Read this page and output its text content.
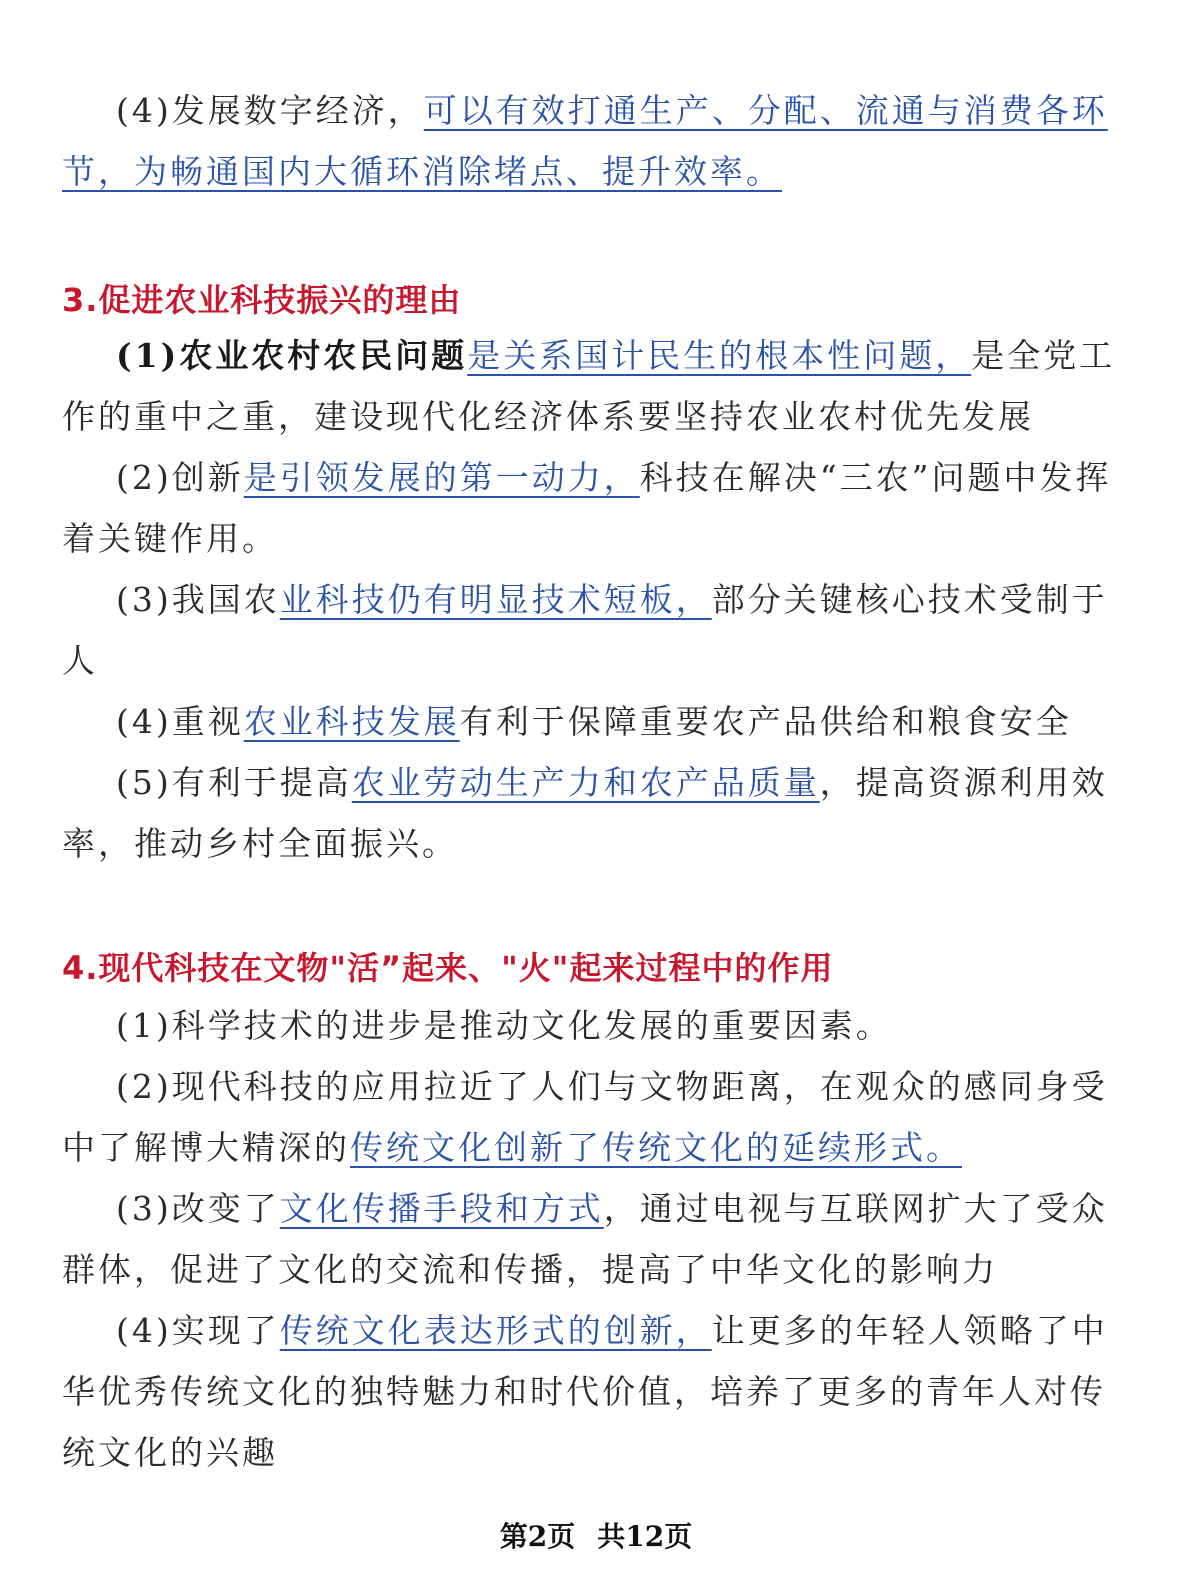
(4)发展数字经济，可以有效打通生产、分配、流通与消费各环节，为畅通国内大循环消除堵点、提升效率。

3.促进农业科技振兴的理由

(1)农业农村农民问题是关系国计民生的根本性问题，是全党工作的重中之重，建设现代化经济体系要坚持农业农村优先发展

(2)创新是引领发展的第一动力，科技在解决“三农”问题中发挥着关键作用。

(3)我国农业科技仍有明显技术短板，部分关键核心技术受制于人

(4)重视农业科技发展有利于保障重要农产品供给和粮食安全

(5)有利于提高农业劳动生产力和农产品质量，提高资源利用效率，推动乡村全面振兴。

4.现代科技在文物"活”起来、"火"起来过程中的作用

(1)科学技术的进步是推动文化发展的重要因素。

(2)现代科技的应用拉近了人们与文物距离，在观众的感同身受中了解博大精深的传统文化创新了传统文化的延续形式。

(3)改变了文化传播手段和方式，通过电视与互联网扩大了受众群体，促进了文化的交流和传播，提高了中华文化的影响力

(4)实现了传统文化表达形式的创新，让更多的年轻人领略了中华优秀传统文化的独特魅力和时代价值，培养了更多的青年人对传统文化的兴趣

第2页 共12页
